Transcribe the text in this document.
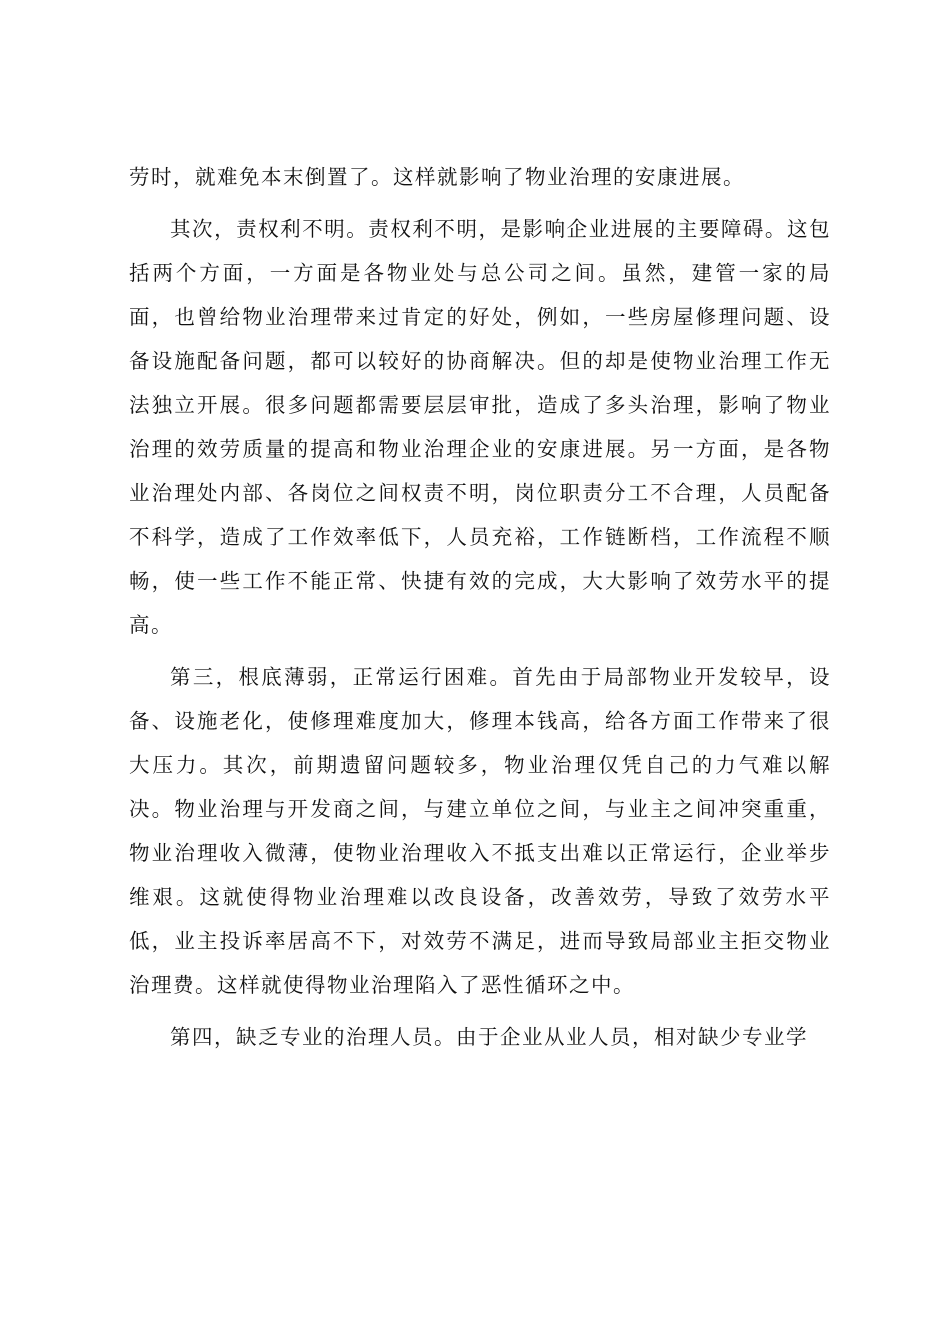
劳时，就难免本末倒置了。这样就影响了物业治理的安康进展。

其次，责权利不明。责权利不明，是影响企业进展的主要障碍。这包括两个方面，一方面是各物业处与总公司之间。虽然，建管一家的局面，也曾给物业治理带来过肯定的好处，例如，一些房屋修理问题、设备设施配备问题，都可以较好的协商解决。但的却是使物业治理工作无法独立开展。很多问题都需要层层审批，造成了多头治理，影响了物业治理的效劳质量的提高和物业治理企业的安康进展。另一方面，是各物业治理处内部、各岗位之间权责不明，岗位职责分工不合理，人员配备不科学，造成了工作效率低下，人员充裕，工作链断档，工作流程不顺畅，使一些工作不能正常、快捷有效的完成，大大影响了效劳水平的提高。

第三，根底薄弱，正常运行困难。首先由于局部物业开发较早，设备、设施老化，使修理难度加大，修理本钱高，给各方面工作带来了很大压力。其次，前期遗留问题较多，物业治理仅凭自己的力气难以解决。物业治理与开发商之间，与建立单位之间，与业主之间冲突重重，物业治理收入微薄，使物业治理收入不抵支出难以正常运行，企业举步维艰。这就使得物业治理难以改良设备，改善效劳，导致了效劳水平低，业主投诉率居高不下，对效劳不满足，进而导致局部业主拒交物业治理费。这样就使得物业治理陷入了恶性循环之中。

第四，缺乏专业的治理人员。由于企业从业人员，相对缺少专业学
